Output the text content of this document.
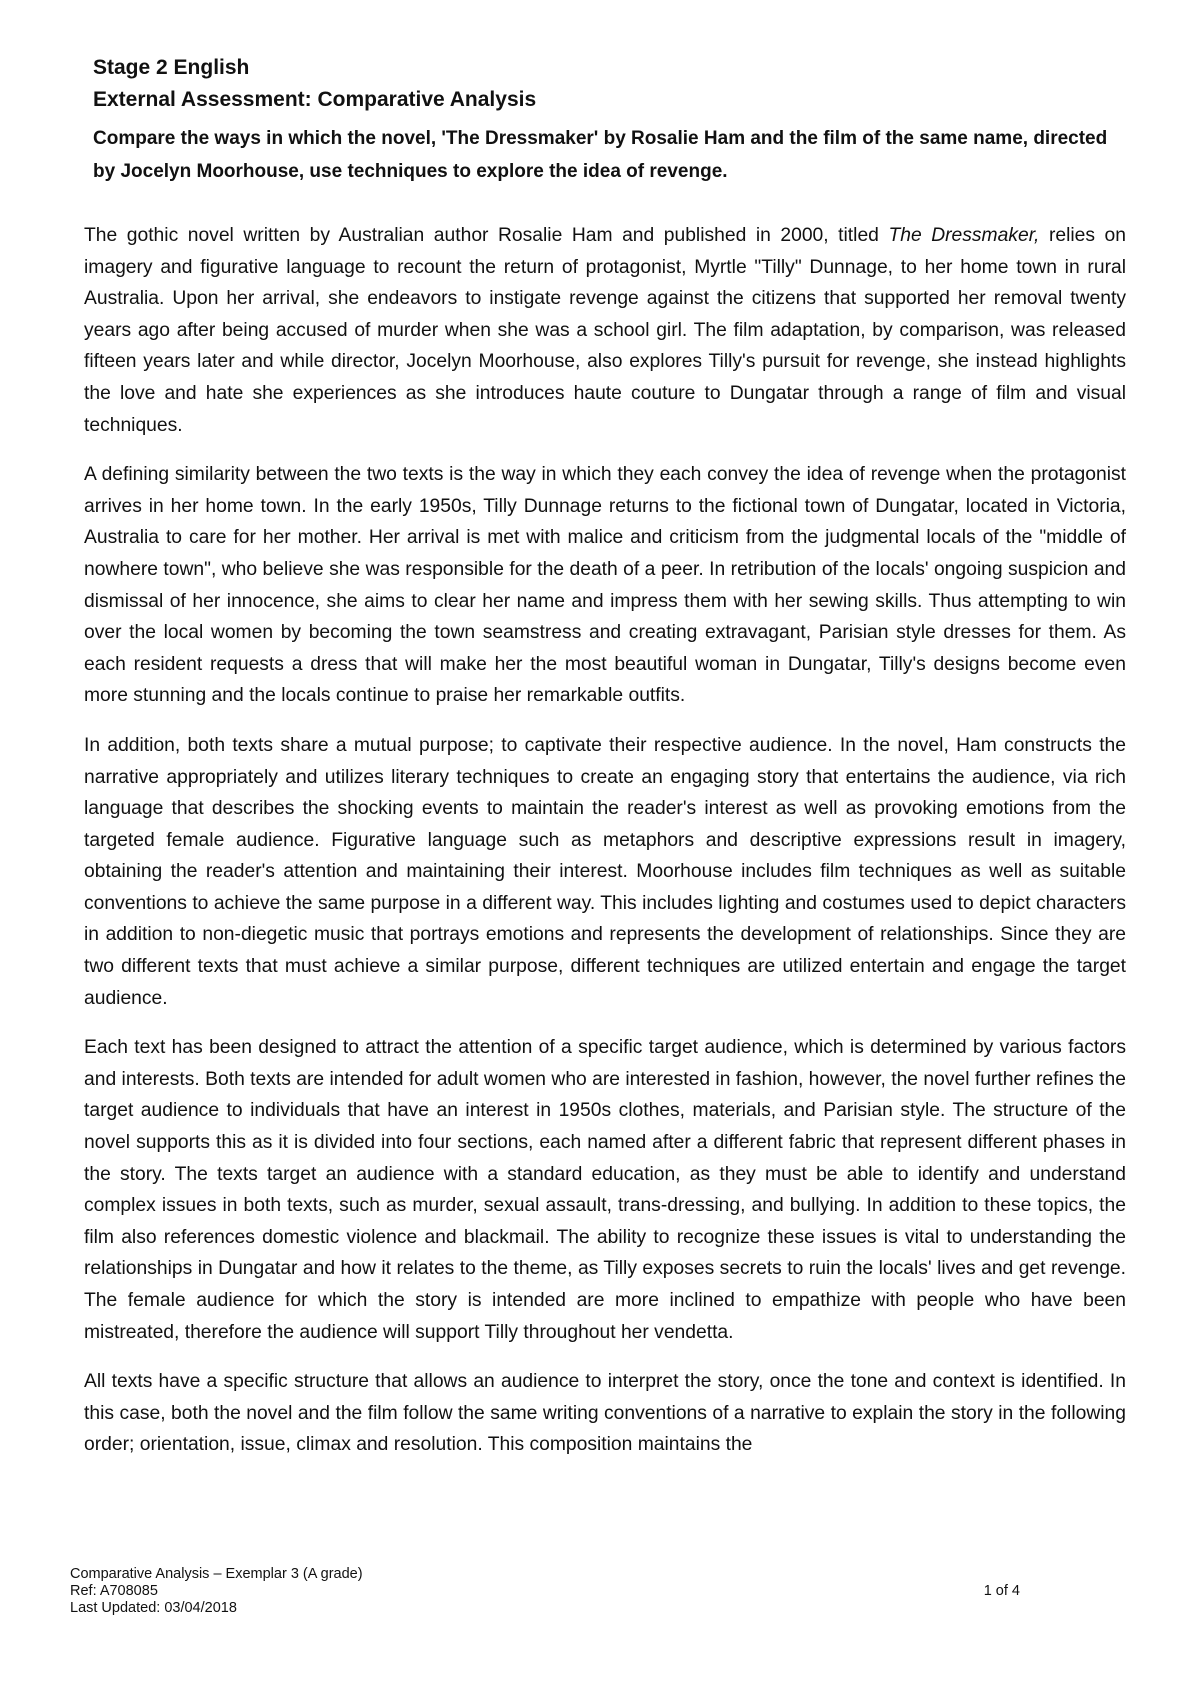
Stage 2 English

External Assessment: Comparative Analysis

Compare the ways in which the novel, 'The Dressmaker' by Rosalie Ham and the film of the same name, directed by Jocelyn Moorhouse, use techniques to explore the idea of revenge.

The gothic novel written by Australian author Rosalie Ham and published in 2000, titled The Dressmaker, relies on imagery and figurative language to recount the return of protagonist, Myrtle "Tilly" Dunnage, to her home town in rural Australia. Upon her arrival, she endeavors to instigate revenge against the citizens that supported her removal twenty years ago after being accused of murder when she was a school girl. The film adaptation, by comparison, was released fifteen years later and while director, Jocelyn Moorhouse, also explores Tilly's pursuit for revenge, she instead highlights the love and hate she experiences as she introduces haute couture to Dungatar through a range of film and visual techniques.

A defining similarity between the two texts is the way in which they each convey the idea of revenge when the protagonist arrives in her home town. In the early 1950s, Tilly Dunnage returns to the fictional town of Dungatar, located in Victoria, Australia to care for her mother. Her arrival is met with malice and criticism from the judgmental locals of the "middle of nowhere town", who believe she was responsible for the death of a peer. In retribution of the locals' ongoing suspicion and dismissal of her innocence, she aims to clear her name and impress them with her sewing skills. Thus attempting to win over the local women by becoming the town seamstress and creating extravagant, Parisian style dresses for them. As each resident requests a dress that will make her the most beautiful woman in Dungatar, Tilly's designs become even more stunning and the locals continue to praise her remarkable outfits.

In addition, both texts share a mutual purpose; to captivate their respective audience. In the novel, Ham constructs the narrative appropriately and utilizes literary techniques to create an engaging story that entertains the audience, via rich language that describes the shocking events to maintain the reader's interest as well as provoking emotions from the targeted female audience. Figurative language such as metaphors and descriptive expressions result in imagery, obtaining the reader's attention and maintaining their interest. Moorhouse includes film techniques as well as suitable conventions to achieve the same purpose in a different way. This includes lighting and costumes used to depict characters in addition to non-diegetic music that portrays emotions and represents the development of relationships. Since they are two different texts that must achieve a similar purpose, different techniques are utilized entertain and engage the target audience.

Each text has been designed to attract the attention of a specific target audience, which is determined by various factors and interests. Both texts are intended for adult women who are interested in fashion, however, the novel further refines the target audience to individuals that have an interest in 1950s clothes, materials, and Parisian style. The structure of the novel supports this as it is divided into four sections, each named after a different fabric that represent different phases in the story. The texts target an audience with a standard education, as they must be able to identify and understand complex issues in both texts, such as murder, sexual assault, trans-dressing, and bullying. In addition to these topics, the film also references domestic violence and blackmail. The ability to recognize these issues is vital to understanding the relationships in Dungatar and how it relates to the theme, as Tilly exposes secrets to ruin the locals' lives and get revenge. The female audience for which the story is intended are more inclined to empathize with people who have been mistreated, therefore the audience will support Tilly throughout her vendetta.

All texts have a specific structure that allows an audience to interpret the story, once the tone and context is identified. In this case, both the novel and the film follow the same writing conventions of a narrative to explain the story in the following order; orientation, issue, climax and resolution. This composition maintains the

Comparative Analysis – Exemplar 3 (A grade)

Ref: A708085

Last Updated: 03/04/2018

1 of 4
